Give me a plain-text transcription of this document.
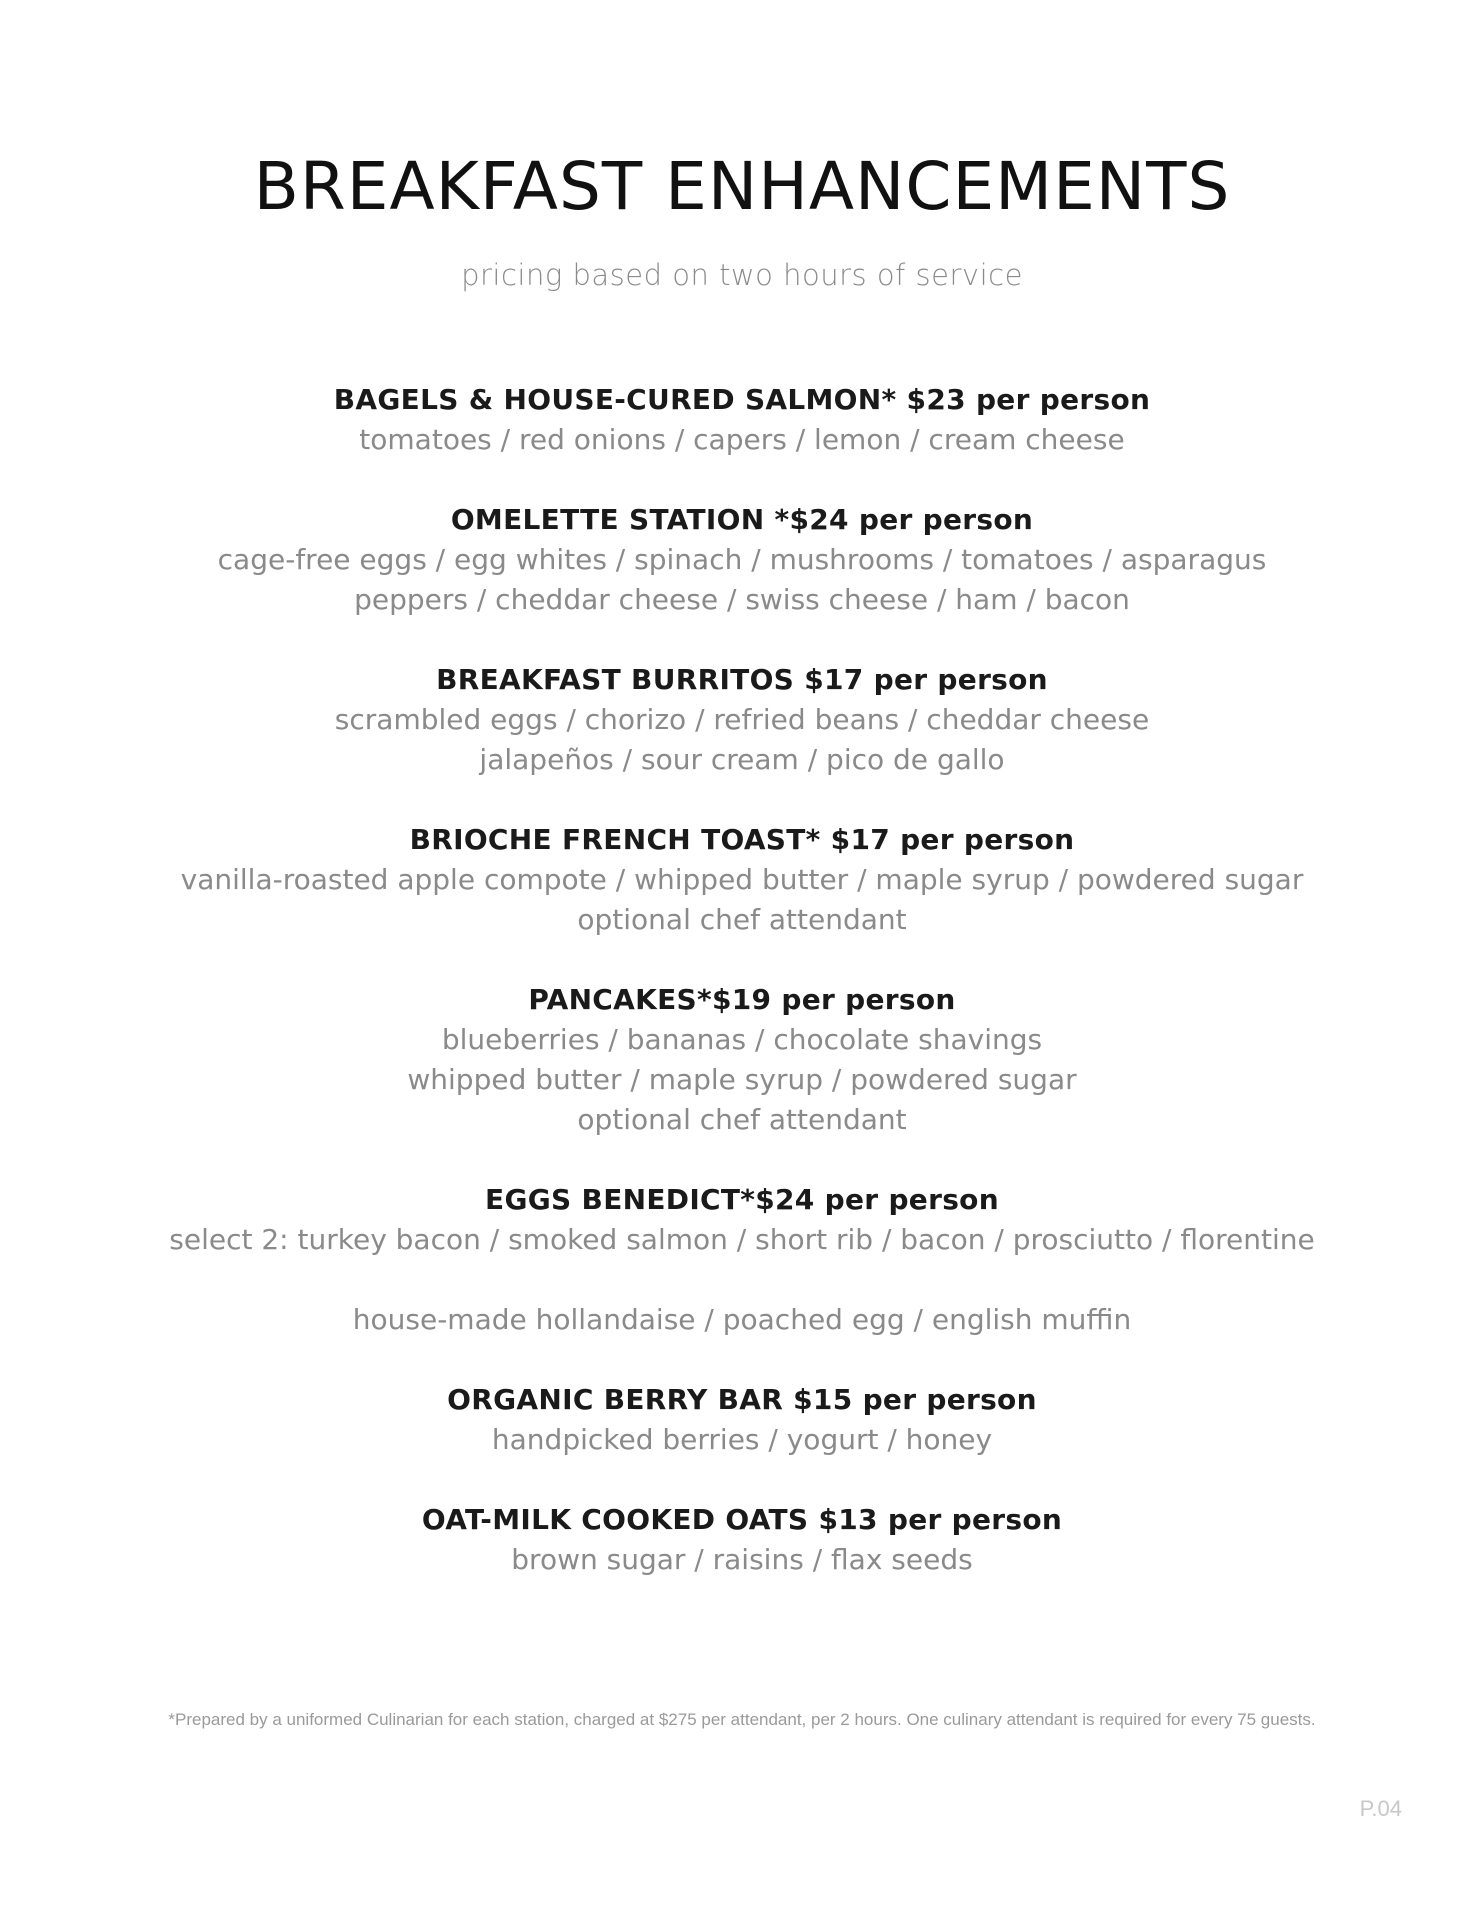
BREAKFAST ENHANCEMENTS
pricing based on two hours of service
BAGELS & HOUSE-CURED SALMON* $23 per person
tomatoes / red onions / capers / lemon / cream cheese
OMELETTE STATION *$24 per person
cage-free eggs / egg whites / spinach / mushrooms / tomatoes / asparagus
peppers / cheddar cheese / swiss cheese / ham / bacon
BREAKFAST BURRITOS $17 per person
scrambled eggs / chorizo / refried beans / cheddar cheese
jalapeños / sour cream / pico de gallo
BRIOCHE FRENCH TOAST* $17 per person
vanilla-roasted apple compote / whipped butter / maple syrup / powdered sugar
optional chef attendant
PANCAKES*$19 per person
blueberries / bananas / chocolate shavings
whipped butter / maple syrup / powdered sugar
optional chef attendant
EGGS BENEDICT*$24 per person
select 2: turkey bacon / smoked salmon / short rib / bacon / prosciutto / florentine
house-made hollandaise / poached egg / english muffin
ORGANIC BERRY BAR $15 per person
handpicked berries / yogurt / honey
OAT-MILK COOKED OATS $13 per person
brown sugar / raisins / flax seeds
*Prepared by a uniformed Culinarian for each station, charged at $275 per attendant, per 2 hours. One culinary attendant is required for every 75 guests.
P.04
